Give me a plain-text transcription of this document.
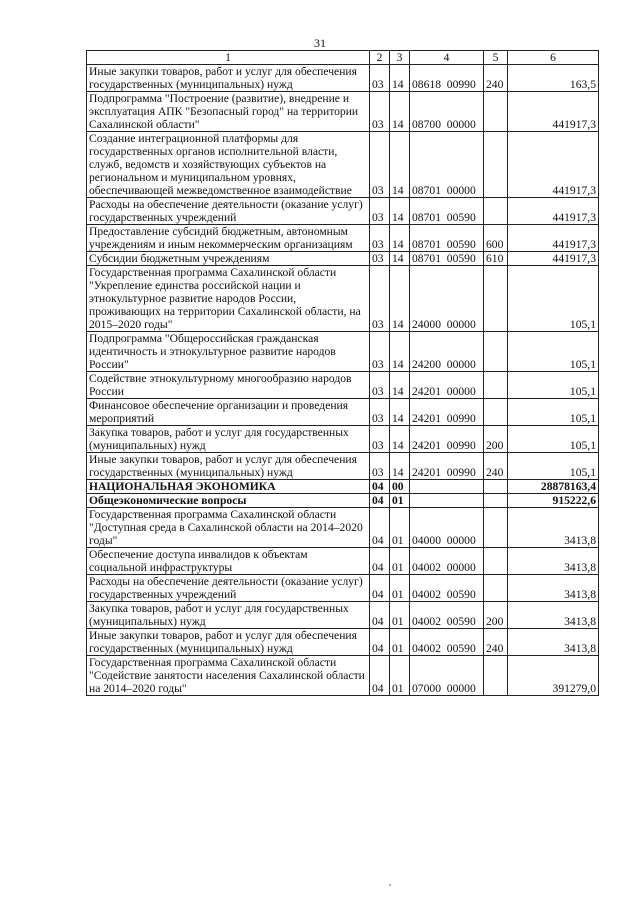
31
1	2	3	4	5	6
Иные закупки товаров, работ и услуг для обеспечения государственных (муниципальных) нужд	03	14	08618  00990	240	163,5
Подпрограмма "Построение (развитие), внедрение и эксплуатация АПК "Безопасный город" на территории Сахалинской области"	03	14	08700  00000		441917,3
Создание интеграционной платформы для государственных органов исполнительной власти, служб, ведомств и хозяйствующих субъектов на региональном и муниципальном уровнях, обеспечивающей межведомственное взаимодействие	03	14	08701  00000		441917,3
Расходы на обеспечение деятельности (оказание услуг) государственных учреждений	03	14	08701  00590		441917,3
Предоставление субсидий бюджетным, автономным учреждениям и иным некоммерческим организациям	03	14	08701  00590	600	441917,3
Субсидии бюджетным учреждениям	03	14	08701  00590	610	441917,3
Государственная программа Сахалинской области "Укрепление единства российской нации и этнокультурное развитие народов России, проживающих на территории Сахалинской области, на 2015–2020 годы"	03	14	24000  00000		105,1
Подпрограмма "Общероссийская гражданская идентичность и этнокультурное развитие народов России"	03	14	24200  00000		105,1
Содействие этнокультурному многообразию народов России	03	14	24201  00000		105,1
Финансовое обеспечение организации и проведения мероприятий	03	14	24201  00990		105,1
Закупка товаров, работ и услуг для государственных (муниципальных) нужд	03	14	24201  00990	200	105,1
Иные закупки товаров, работ и услуг для обеспечения государственных (муниципальных) нужд	03	14	24201  00990	240	105,1
НАЦИОНАЛЬНАЯ ЭКОНОМИКА	04	00			28878163,4
Общеэкономические вопросы	04	01			915222,6
Государственная программа Сахалинской области "Доступная среда в Сахалинской области на 2014–2020 годы"	04	01	04000  00000		3413,8
Обеспечение доступа инвалидов к объектам социальной инфраструктуры	04	01	04002  00000		3413,8
Расходы на обеспечение деятельности (оказание услуг) государственных учреждений	04	01	04002  00590		3413,8
Закупка товаров, работ и услуг для государственных (муниципальных) нужд	04	01	04002  00590	200	3413,8
Иные закупки товаров, работ и услуг для обеспечения государственных (муниципальных) нужд	04	01	04002  00590	240	3413,8
Государственная программа Сахалинской области "Содействие занятости населения Сахалинской области на 2014–2020 годы"	04	01	07000  00000		391279,0
